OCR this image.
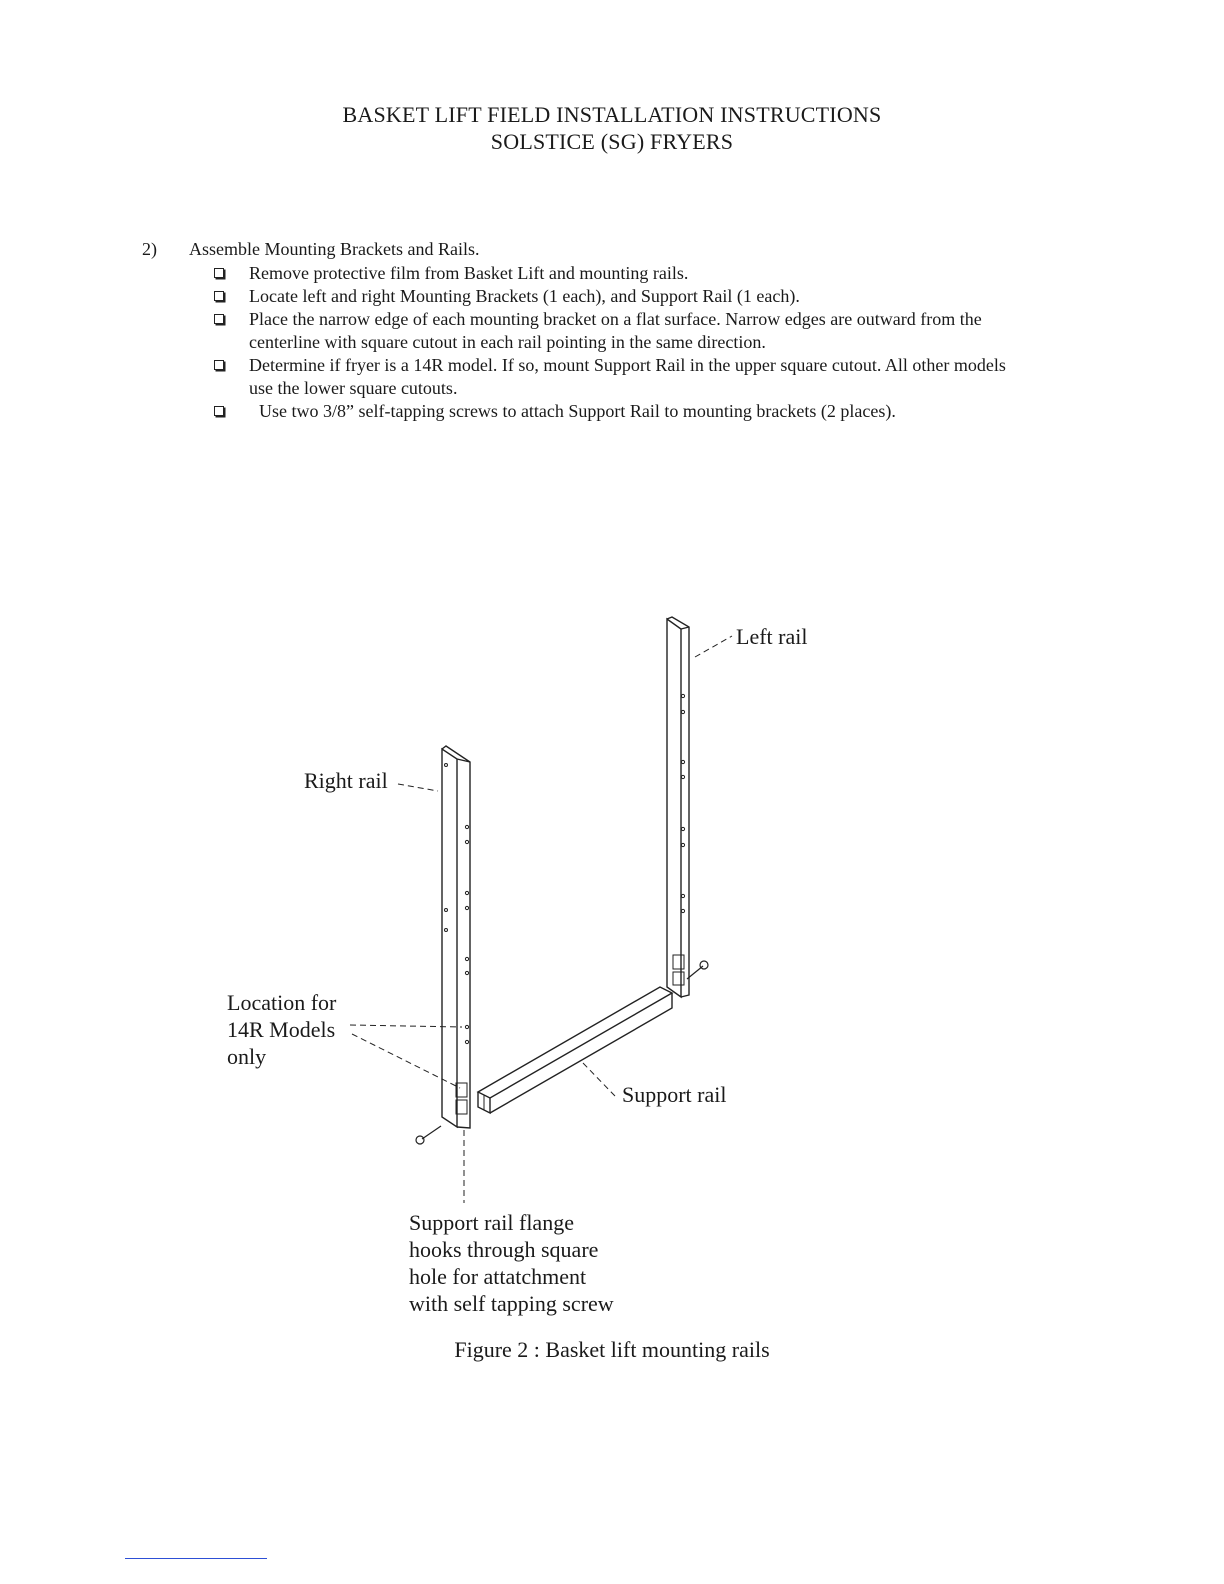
BASKET LIFT FIELD INSTALLATION INSTRUCTIONS
SOLSTICE (SG) FRYERS
2) Assemble Mounting Brackets and Rails.
Remove protective film from Basket Lift and mounting rails.
Locate left and right Mounting Brackets (1 each), and Support Rail (1 each).
Place the narrow edge of each mounting bracket on a flat surface. Narrow edges are outward from the centerline with square cutout in each rail pointing in the same direction.
Determine if fryer is a 14R model. If so, mount Support Rail in the upper square cutout. All other models use the lower square cutouts.
Use two 3/8” self-tapping screws to attach Support Rail to mounting brackets (2 places).
Left rail
Right rail
Location for
14R Models
only
Support rail
Support rail flange
hooks through square
hole for attatchment
with self tapping screw
Figure 2 : Basket lift mounting rails
